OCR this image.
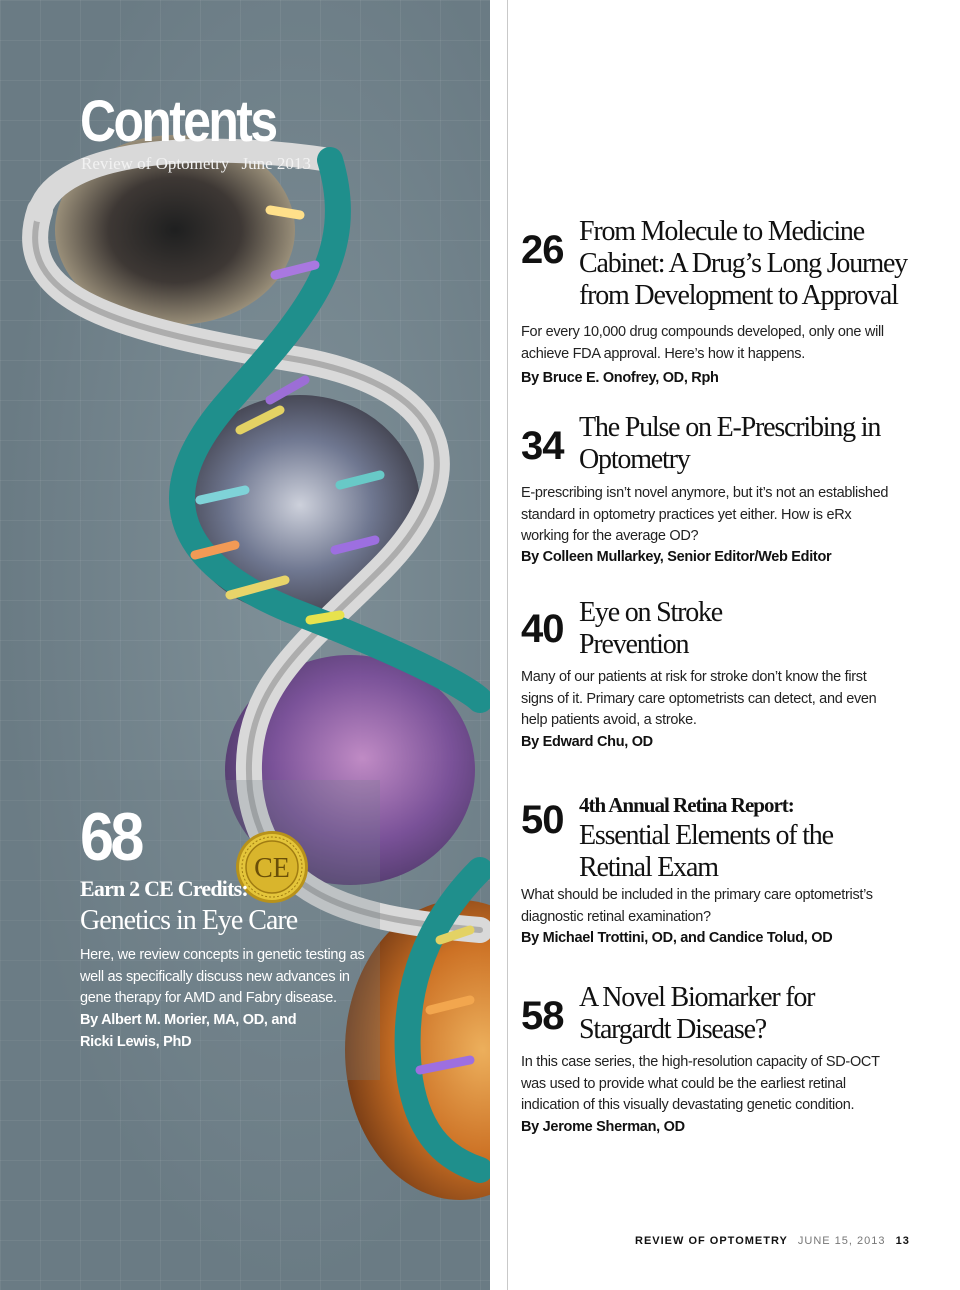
Contents
Review of Optometry June 2013
68	CE
Earn 2 CE Credits:
Genetics in Eye Care
Here, we review concepts in genetic testing as well as specifically discuss new advances in gene therapy for AMD and Fabry disease.
By Albert M. Morier, MA, OD, and
Ricki Lewis, PhD
26 From Molecule to Medicine Cabinet: A Drug’s Long Journey from Development to Approval
For every 10,000 drug compounds developed, only one will achieve FDA approval. Here’s how it happens.
By Bruce E. Onofrey, OD, Rph
34 The Pulse on E-Prescribing in Optometry
E-prescribing isn’t novel anymore, but it’s not an established standard in optometry practices yet either. How is eRx working for the average OD?
By Colleen Mullarkey, Senior Editor/Web Editor
40 Eye on Stroke Prevention
Many of our patients at risk for stroke don’t know the first signs of it. Primary care optometrists can detect, and even help patients avoid, a stroke.
By Edward Chu, OD
50 4th Annual Retina Report:
Essential Elements of the Retinal Exam
What should be included in the primary care optometrist’s diagnostic retinal examination?
By Michael Trottini, OD, and Candice Tolud, OD
58 A Novel Biomarker for Stargardt Disease?
In this case series, the high-resolution capacity of SD-OCT was used to provide what could be the earliest retinal indication of this visually devastating genetic condition.
By Jerome Sherman, OD
REVIEW OF OPTOMETRY JUNE 15, 2013 13
